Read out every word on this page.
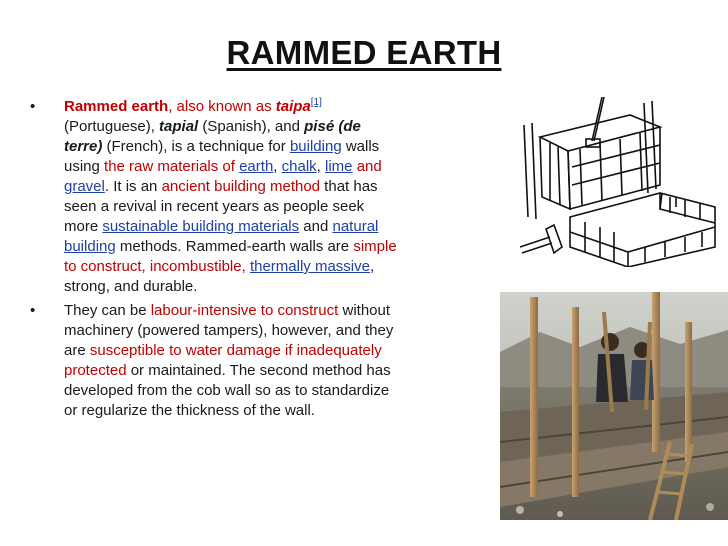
RAMMED EARTH
•	Rammed earth, also known as taipa[1] (Portuguese), tapial (Spanish), and pisé (de terre) (French), is a technique for building walls using the raw materials of earth, chalk, lime and gravel. It is an ancient building method that has seen a revival in recent years as people seek more sustainable building materials and natural building methods. Rammed-earth walls are simple to construct, incombustible, thermally massive, strong, and durable.
•	They can be labour-intensive to construct without machinery (powered tampers), however, and they are susceptible to water damage if inadequately protected or maintained. The second method has developed from the cob wall so as to standardize or regularize the thickness of the wall.
